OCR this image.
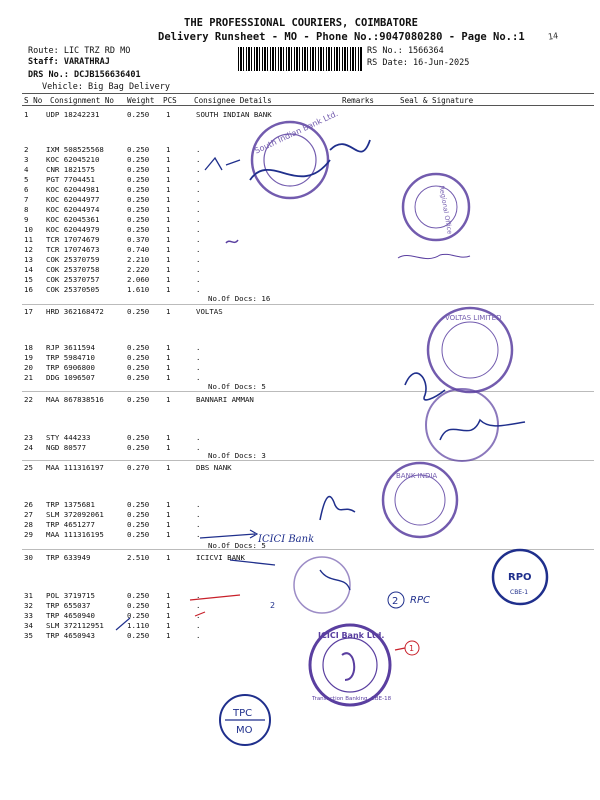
THE PROFESSIONAL COURIERS, COIMBATORE
Delivery Runsheet - MO - Phone No.:9047080280 - Page No.:1	14
Route: LIC TRZ RD MO
Staff: VARATHRAJ
DRS No.: DCJB156636401
Vehicle: Big Bag Delivery
RS No.: 1566364
RS Date: 16-Jun-2025
S No Consignment No Weight PCS Consignee Details	Remarks	Seal & Signature
No.Of Docs: 16
No.Of Docs: 5
No.Of Docs: 3
No.Of Docs: 5
1 UDP 18242231	0.250 1	SOUTH INDIAN BANK
2 IXM 508525568	0.250 1	.
3 KOC 62045210	0.250 1	.
4 CNR 1821575	0.250 1	.
5 PGT 7704451	0.250 1	.
6 KOC 62044981	0.250 1	.
7 KOC 62044977	0.250 1	.
8 KOC 62044974	0.250 1	.
9 KOC 62045361	0.250 1	.
10 KOC 62044979	0.250 1	.
11 TCR 17074679	0.370 1	.
12 TCR 17074673	0.740 1	.
13 COK 25370759	2.210 1	.
14 COK 25370758	2.220 1	.
15 COK 25370757	2.060 1	.
16 COK 25370505	1.610 1	.
17 HRD 362168472	0.250 1	VOLTAS
18 RJP 3611594	0.250 1	.
19 TRP 5984710	0.250 1	.
20 TRP 6906800	0.250 1	.
21 DDG 1096507	0.250 1	.
22 MAA 867838516	0.250 1	BANNARI AMMAN
23 STY 444233	0.250 1	.
24 NGD 80577	0.250 1	.
25 MAA 111316197	0.270 1	DBS NANK
26 TRP 1375681	0.250 1	.
27 SLM 372092061	0.250 1	.
28 TRP 4651277	0.250 1	.
29 MAA 111316195	0.250 1	.
30 TRP 633949	2.510 1	ICICVI BANK
31 POL 3719715	0.250 1	.
32 TRP 655037	0.250 1	.
33 TRP 4650940	0.250 1	.
34 SLM 372112951	1.110 1	.
35 TRP 4650943	0.250 1	.
South Indian Bank Ltd.
Regional Office
VOLTAS LIMITED
BANK INDIA
ICICI Bank
2 RPC
RPO
CBE-1
2
ICICI Bank Ltd.
Transaction Banking, CBE-18
1
TPC
MO
